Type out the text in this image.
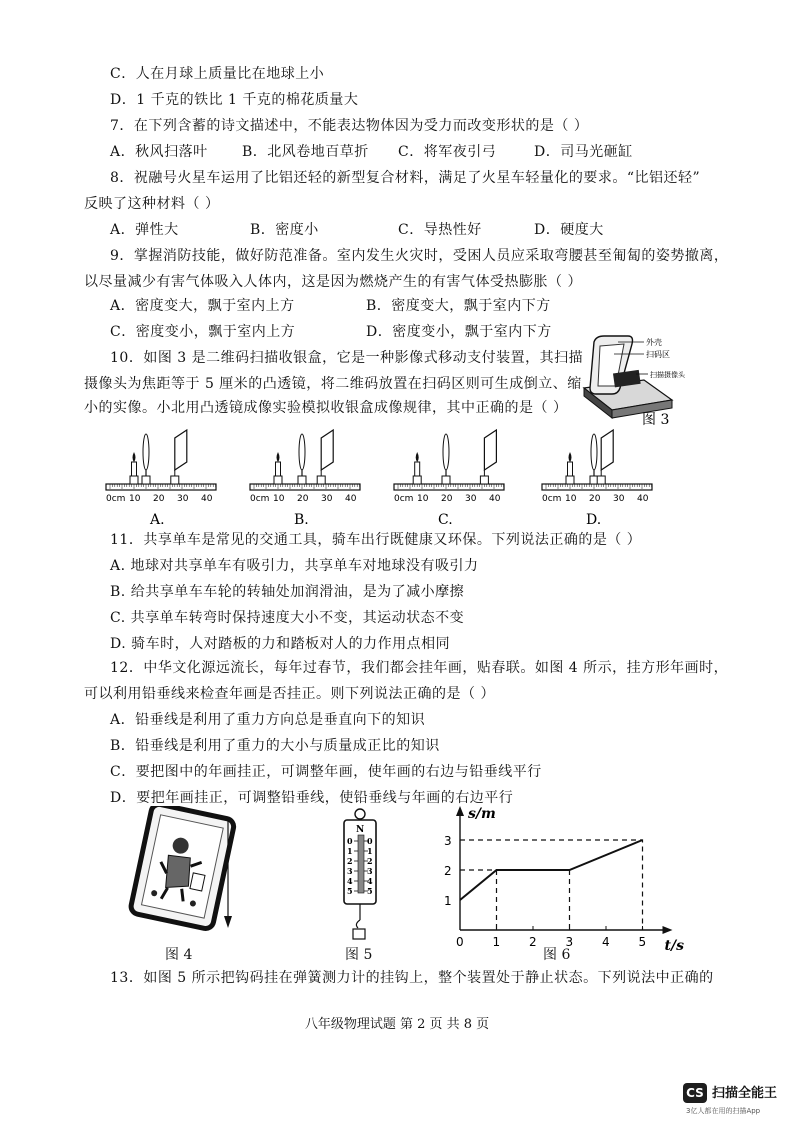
C．人在月球上质量比在地球上小
D．1 千克的铁比 1 千克的棉花质量大
7．在下列含蓄的诗文描述中，不能表达物体因为受力而改变形状的是（ ）
A．秋风扫落叶 B．北风卷地百草折 C．将军夜引弓	D．司马光砸缸
8．祝融号火星车运用了比铝还轻的新型复合材料，满足了火星车轻量化的要求。“比铝还轻”
反映了这种材料（ ）
A．弹性大	B．密度小	C．导热性好	D．硬度大
9．掌握消防技能，做好防范准备。室内发生火灾时，受困人员应采取弯腰甚至匍匐的姿势撤离，
以尽量减少有害气体吸入人体内，这是因为燃烧产生的有害气体受热膨胀（ ）
A．密度变大，飘于室内上方	B．密度变大，飘于室内下方
C．密度变小，飘于室内上方	D．密度变小，飘于室内下方
10．如图 3 是二维码扫描收银盒，它是一种影像式移动支付装置，其扫描
摄像头为焦距等于 5 厘米的凸透镜，将二维码放置在扫码区则可生成倒立、缩
小的实像。小北用凸透镜成像实验模拟收银盒成像规律，其中正确的是（ ）
外壳
扫码区
扫描摄像头
图 3
0cm 10 20 30 40
A.
0cm 10 20 30 40
B.
0cm 10 20 30 40
C.
0cm 10 20 30 40
D.
11．共享单车是常见的交通工具，骑车出行既健康又环保。下列说法正确的是（ ）
A. 地球对共享单车有吸引力，共享单车对地球没有吸引力
B. 给共享单车车轮的转轴处加润滑油，是为了减小摩擦
C. 共享单车转弯时保持速度大小不变，其运动状态不变
D. 骑车时，人对踏板的力和踏板对人的力作用点相同
12．中华文化源远流长，每年过春节，我们都会挂年画，贴春联。如图 4 所示，挂方形年画时，
可以利用铅垂线来检查年画是否挂正。则下列说法正确的是（ ）
A．铅垂线是利用了重力方向总是垂直向下的知识
B．铅垂线是利用了重力的大小与质量成正比的知识
C．要把图中的年画挂正，可调整年画，使年画的右边与铅垂线平行
D．要把年画挂正，可调整铅垂线，使铅垂线与年画的右边平行
图 4
N
0 0
1 1
2 2
3 3
4 4
5 5
图 5
0 1 2 3 4 5
1
2
3
s/m
t/s
图 6
13．如图 5 所示把钩码挂在弹簧测力计的挂钩上，整个装置处于静止状态。下列说法中正确的
八年级物理试题 第 2 页 共 8 页
CS 扫描全能王
3亿人都在用的扫描App
